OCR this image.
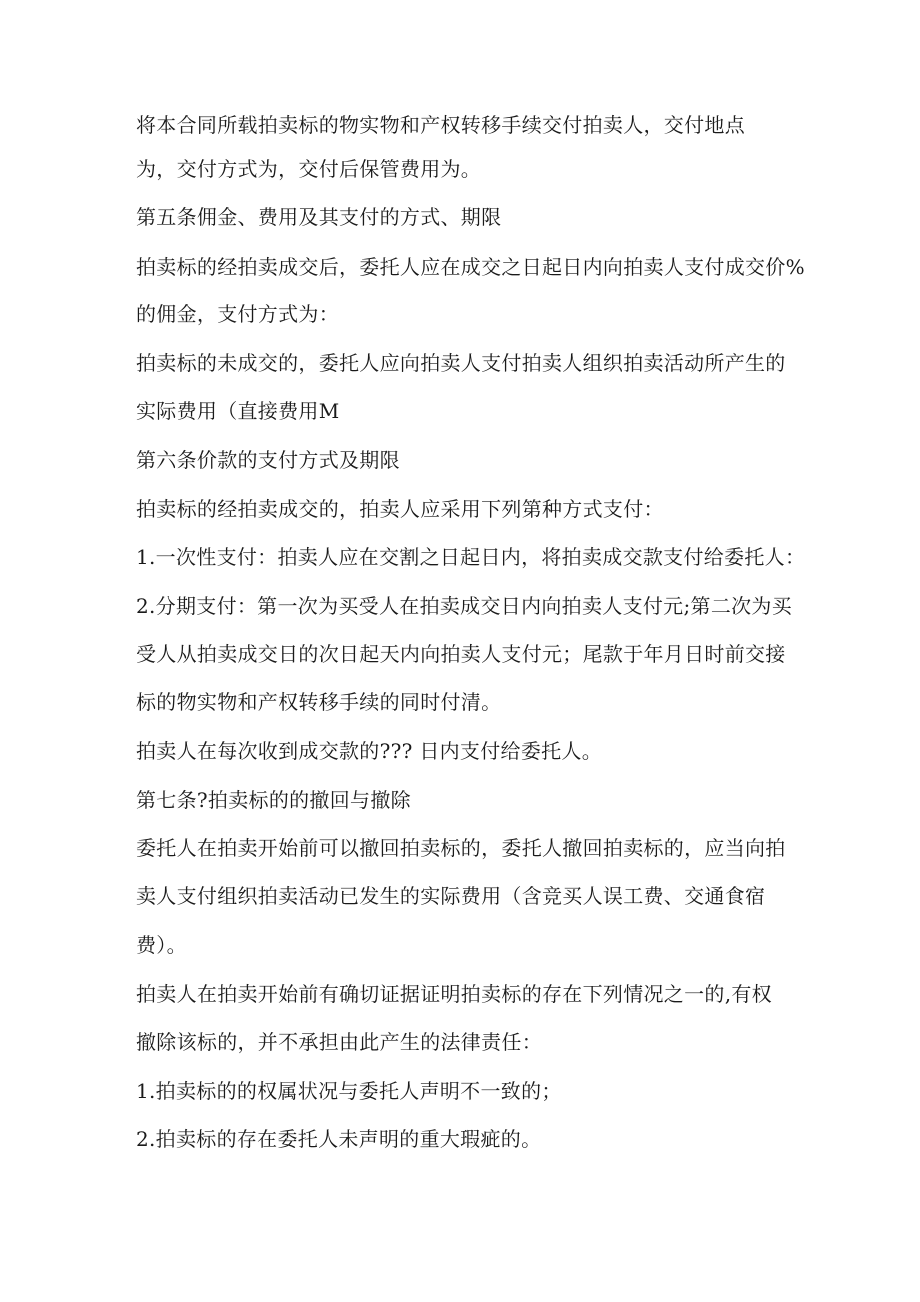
将本合同所载拍卖标的物实物和产权转移手续交付拍卖人，交付地点

为，交付方式为，交付后保管费用为。

第五条佣金、费用及其支付的方式、期限

拍卖标的经拍卖成交后，委托人应在成交之日起日内向拍卖人支付成交价%

的佣金，支付方式为：

拍卖标的未成交的，委托人应向拍卖人支付拍卖人组织拍卖活动所产生的

实际费用（直接费用M

第六条价款的支付方式及期限

拍卖标的经拍卖成交的，拍卖人应采用下列第种方式支付：

1.一次性支付：拍卖人应在交割之日起日内，将拍卖成交款支付给委托人：

2.分期支付：第一次为买受人在拍卖成交日内向拍卖人支付元;第二次为买

受人从拍卖成交日的次日起天内向拍卖人支付元；尾款于年月日时前交接

标的物实物和产权转移手续的同时付清。

拍卖人在每次收到成交款的??? 日内支付给委托人。

第七条?拍卖标的的撤回与撤除

委托人在拍卖开始前可以撤回拍卖标的，委托人撤回拍卖标的，应当向拍

卖人支付组织拍卖活动已发生的实际费用（含竞买人误工费、交通食宿

费）。

拍卖人在拍卖开始前有确切证据证明拍卖标的存在下列情况之一的,有权

撤除该标的，并不承担由此产生的法律责任：

1.拍卖标的的权属状况与委托人声明不一致的；

2.拍卖标的存在委托人未声明的重大瑕疵的。
